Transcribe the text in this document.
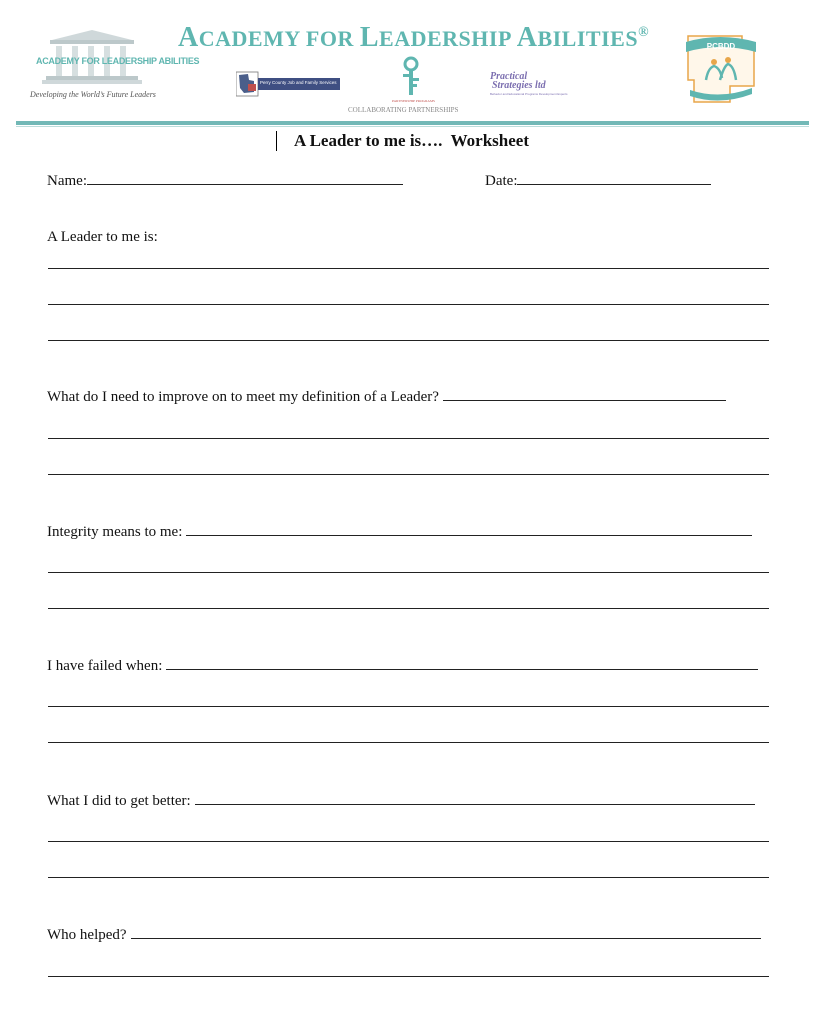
ACADEMY FOR LEADERSHIP ABILITIES®
ACADEMY FOR LEADERSHIP ABILITIES
Developing the World’s Future Leaders
Perry County Job and Family Services
PARTNERSHIP PROGRAMS
COLLABORATING PARTNERSHIPS
Practical
Strategies ltd
Behavior and Educational Programs Development Experts
PCBDD
A Leader to me is….  Worksheet
Name:	Date:
A Leader to me is:
What do I need to improve on to meet my definition of a Leader?
Integrity means to me:
I have failed when:
What I did to get better:
Who helped?
